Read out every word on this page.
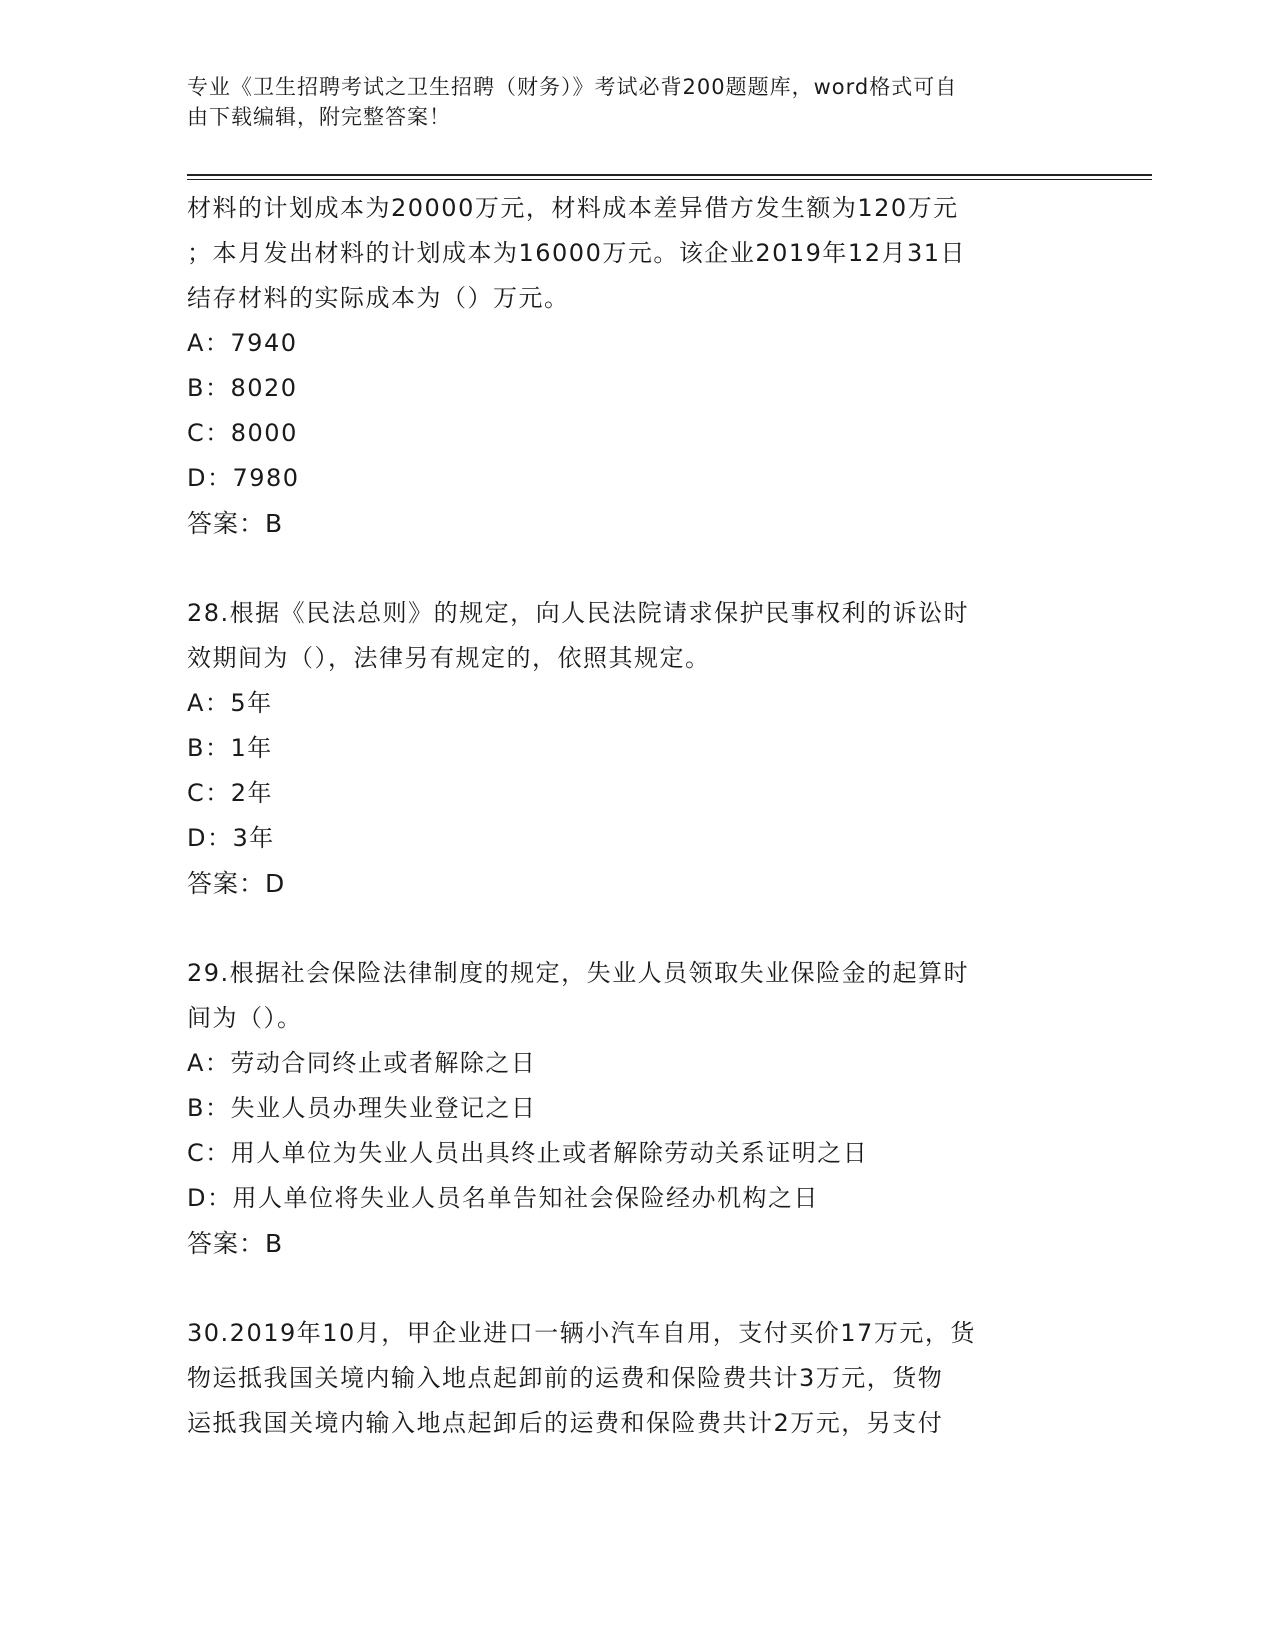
专业《卫生招聘考试之卫生招聘（财务）》考试必背200题题库，word格式可自
由下载编辑，附完整答案！
材料的计划成本为20000万元，材料成本差异借方发生额为120万元
；本月发出材料的计划成本为16000万元。该企业2019年12月31日
结存材料的实际成本为（）万元。
A：7940
B：8020
C：8000
D：7980
答案：B
28.根据《民法总则》的规定，向人民法院请求保护民事权利的诉讼时
效期间为（），法律另有规定的，依照其规定。
A：5年
B：1年
C：2年
D：3年
答案：D
29.根据社会保险法律制度的规定，失业人员领取失业保险金的起算时
间为（）。
A：劳动合同终止或者解除之日
B：失业人员办理失业登记之日
C：用人单位为失业人员出具终止或者解除劳动关系证明之日
D：用人单位将失业人员名单告知社会保险经办机构之日
答案：B
30.2019年10月，甲企业进口一辆小汽车自用，支付买价17万元，货
物运抵我国关境内输入地点起卸前的运费和保险费共计3万元，货物
运抵我国关境内输入地点起卸后的运费和保险费共计2万元，另支付
